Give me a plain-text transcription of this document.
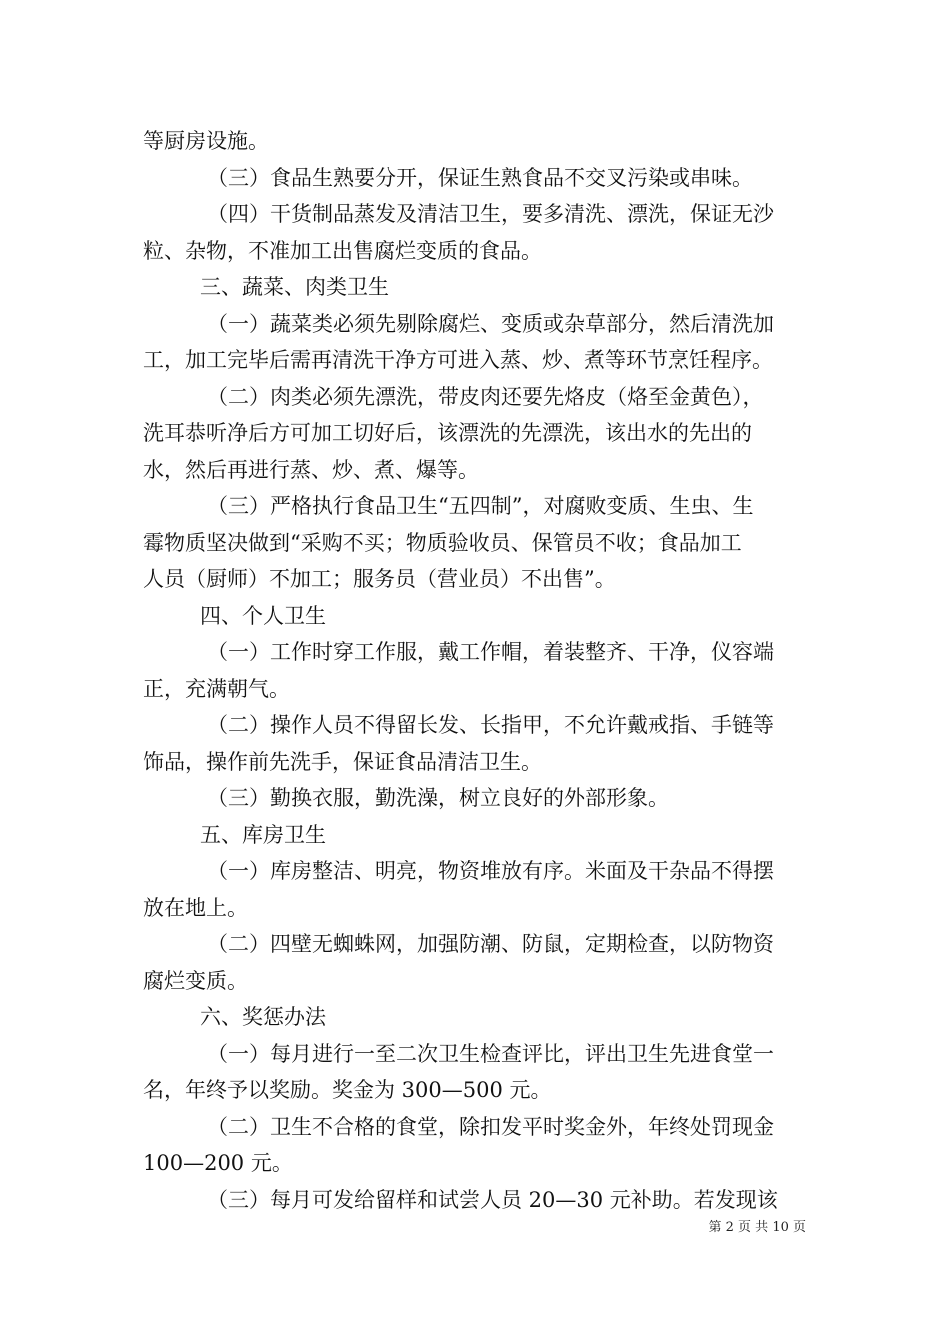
等厨房设施。
（三）食品生熟要分开，保证生熟食品不交叉污染或串味。
（四）干货制品蒸发及清洁卫生，要多清洗、漂洗，保证无沙
粒、杂物，不准加工出售腐烂变质的食品。
三、蔬菜、肉类卫生
（一）蔬菜类必须先剔除腐烂、变质或杂草部分，然后清洗加
工，加工完毕后需再清洗干净方可进入蒸、炒、煮等环节烹饪程序。
（二）肉类必须先漂洗，带皮肉还要先烙皮（烙至金黄色），
洗耳恭听净后方可加工切好后，该漂洗的先漂洗，该出水的先出的
水，然后再进行蒸、炒、煮、爆等。
（三）严格执行食品卫生“五四制”，对腐败变质、生虫、生
霉物质坚决做到“采购不买；物质验收员、保管员不收；食品加工
人员（厨师）不加工；服务员（营业员）不出售”。
四、个人卫生
（一）工作时穿工作服，戴工作帽，着装整齐、干净，仪容端
正，充满朝气。
（二）操作人员不得留长发、长指甲，不允许戴戒指、手链等
饰品，操作前先洗手，保证食品清洁卫生。
（三）勤换衣服，勤洗澡，树立良好的外部形象。
五、库房卫生
（一）库房整洁、明亮，物资堆放有序。米面及干杂品不得摆
放在地上。
（二）四壁无蜘蛛网，加强防潮、防鼠，定期检查，以防物资
腐烂变质。
六、奖惩办法
（一）每月进行一至二次卫生检查评比，评出卫生先进食堂一
名，年终予以奖励。奖金为 300—500 元。
（二）卫生不合格的食堂，除扣发平时奖金外，年终处罚现金
100—200 元。
（三）每月可发给留样和试尝人员 20—30 元补助。若发现该
第 2 页 共 10 页
